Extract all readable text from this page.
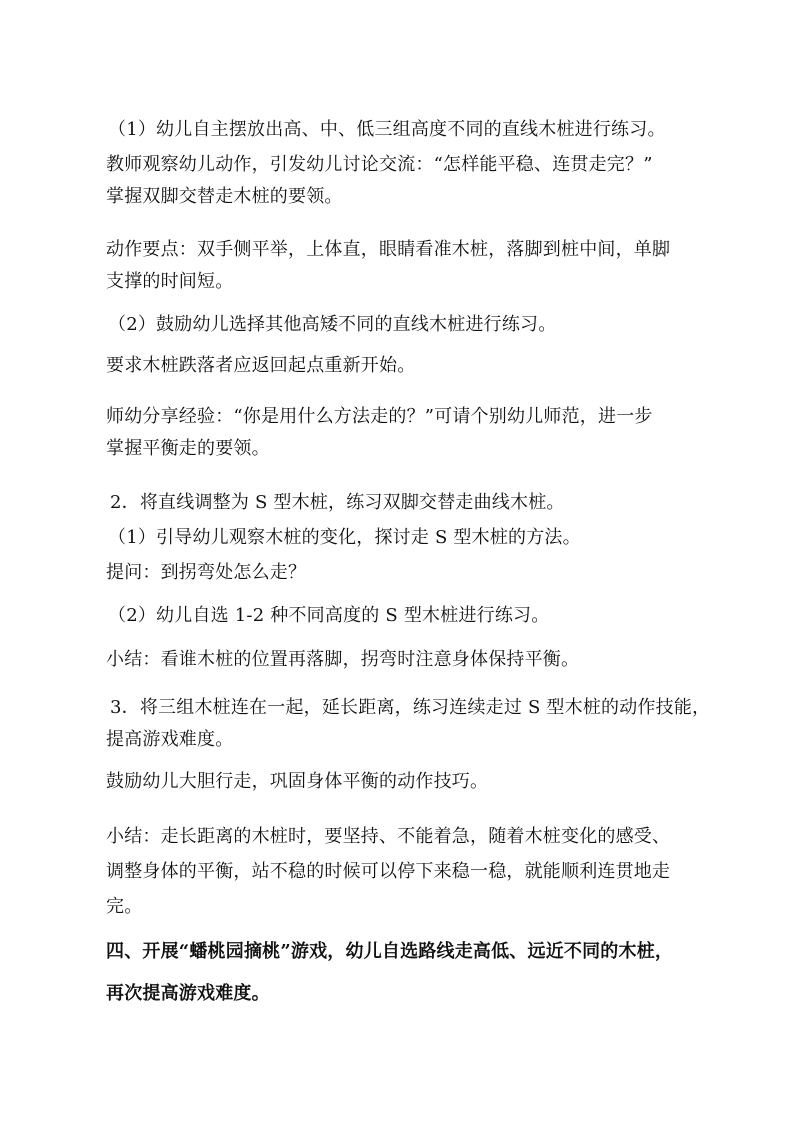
（1）幼儿自主摆放出高、中、低三组高度不同的直线木桩进行练习。
教师观察幼儿动作，引发幼儿讨论交流：“怎样能平稳、连贯走完？”
掌握双脚交替走木桩的要领。
动作要点：双手侧平举，上体直，眼睛看准木桩，落脚到桩中间，单脚
支撑的时间短。
（2）鼓励幼儿选择其他高矮不同的直线木桩进行练习。
要求木桩跌落者应返回起点重新开始。
师幼分享经验：“你是用什么方法走的？”可请个别幼儿师范，进一步
掌握平衡走的要领。
2．将直线调整为 S 型木桩，练习双脚交替走曲线木桩。
（1）引导幼儿观察木桩的变化，探讨走 S 型木桩的方法。
提问：到拐弯处怎么走？
（2）幼儿自选 1-2 种不同高度的 S 型木桩进行练习。
小结：看谁木桩的位置再落脚，拐弯时注意身体保持平衡。
3．将三组木桩连在一起，延长距离，练习连续走过 S 型木桩的动作技能，
提高游戏难度。
鼓励幼儿大胆行走，巩固身体平衡的动作技巧。
小结：走长距离的木桩时，要坚持、不能着急，随着木桩变化的感受、
调整身体的平衡，站不稳的时候可以停下来稳一稳，就能顺利连贯地走
完。
四、开展“蟠桃园摘桃”游戏，幼儿自选路线走高低、远近不同的木桩，
再次提高游戏难度。
